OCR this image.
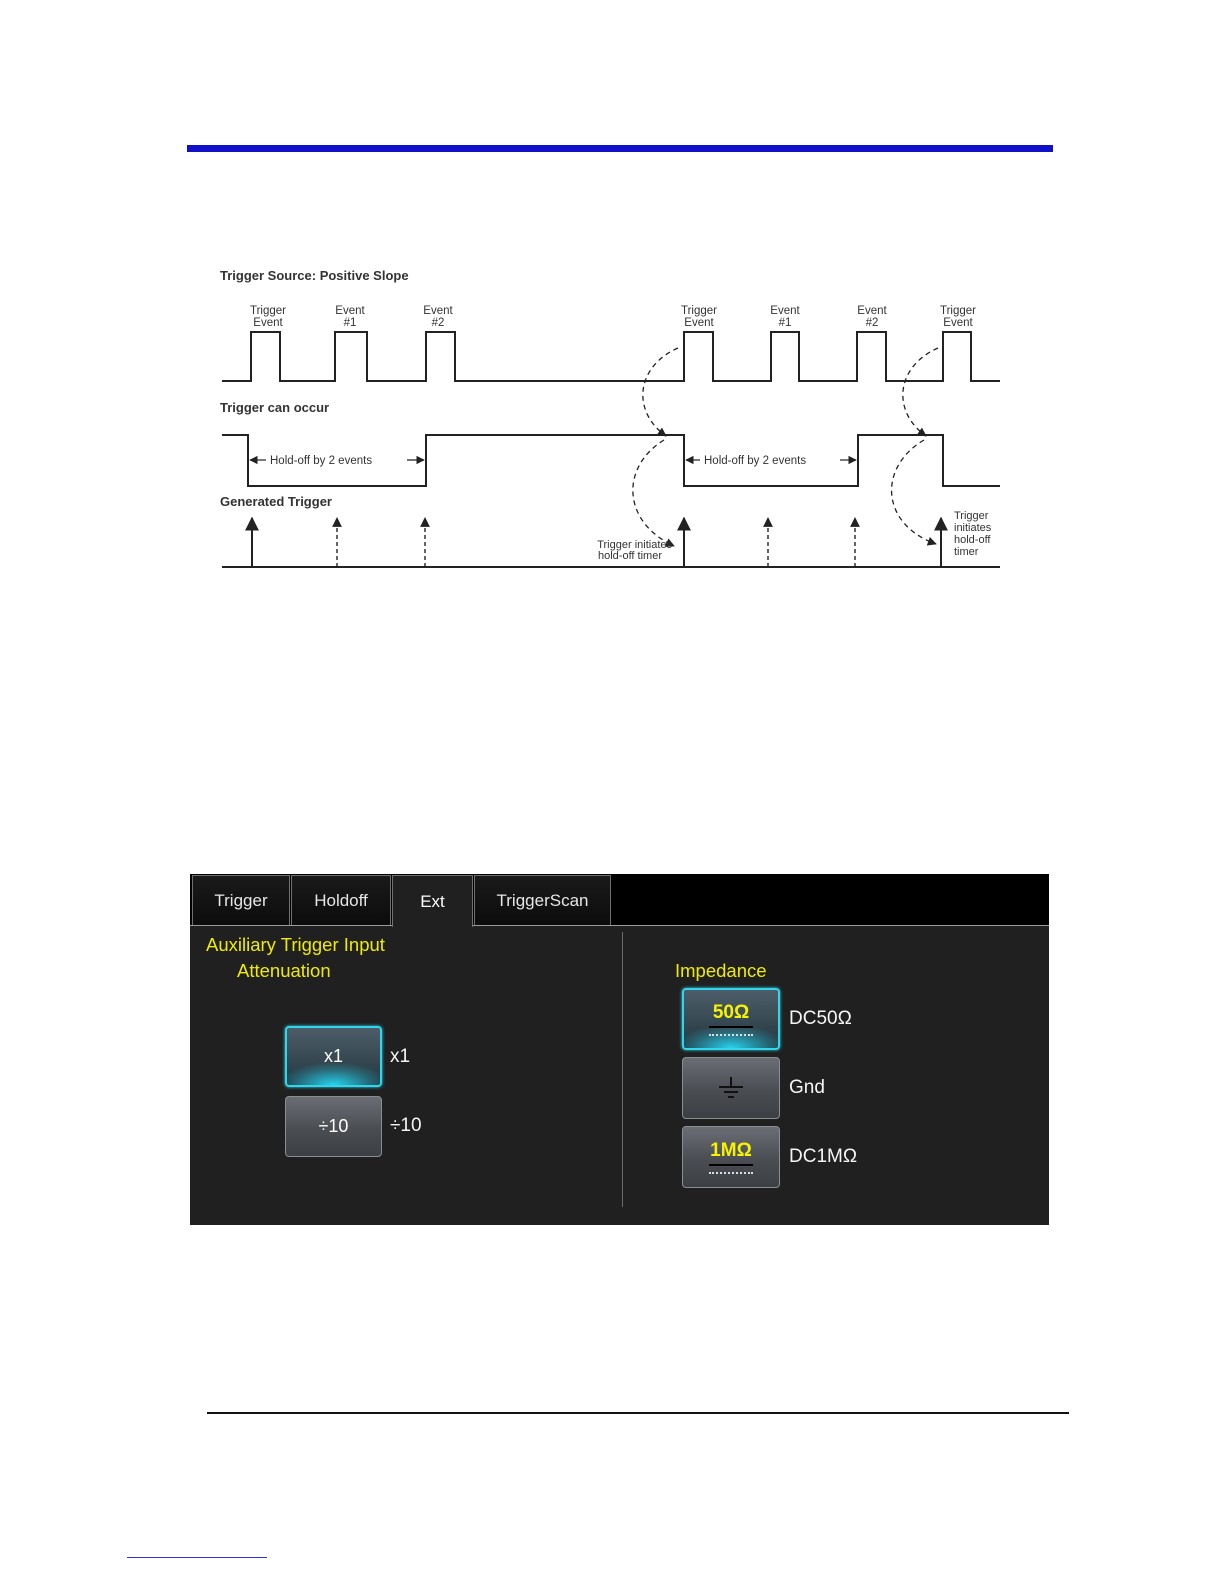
Trigger Source: Positive Slope
Trigger can occur
Generated Trigger
Trigger
Event
Event
#1
Event
#2
Trigger
Event
Event
#1
Event
#2
Trigger
Event
Hold-off by 2 events	Hold-off by 2 events
Trigger initiates
hold-off timer
Trigger
initiates
hold-off
timer
Trigger	Holdoff	Ext	TriggerScan
Auxiliary Trigger Input
Attenuation
x1	x1
÷10	÷10
Impedance
50Ω DC50Ω
Gnd
1MΩ DC1MΩ
